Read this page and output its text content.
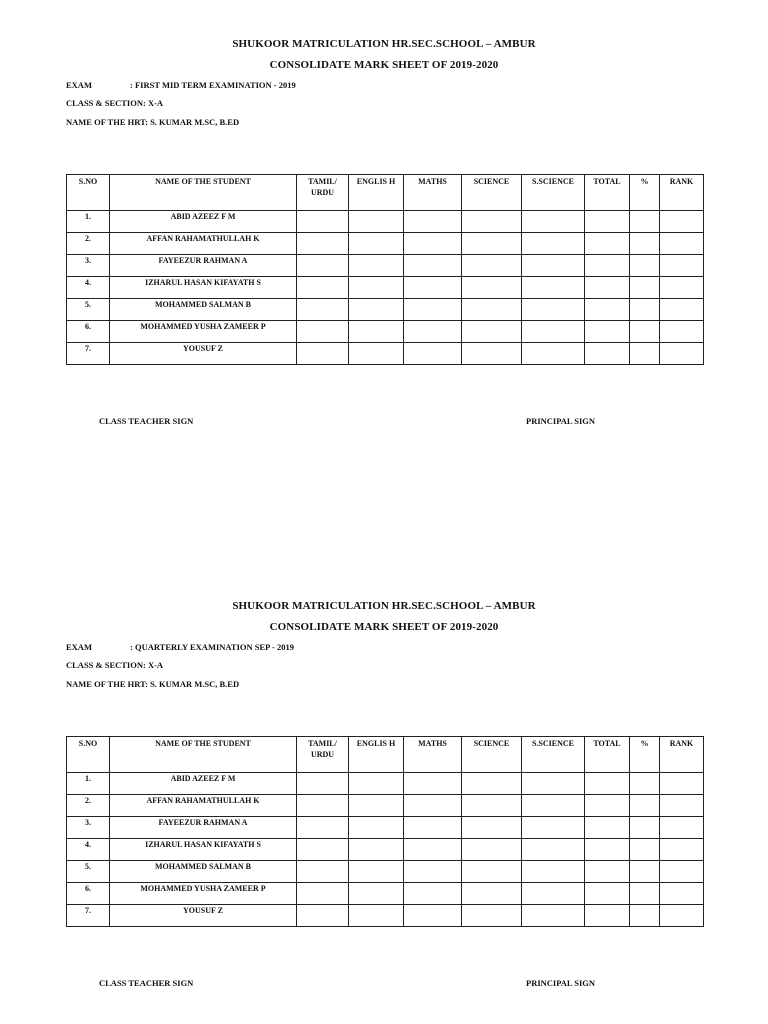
SHUKOOR MATRICULATION HR.SEC.SCHOOL – AMBUR
CONSOLIDATE MARK SHEET OF 2019-2020
EXAM	: FIRST MID TERM EXAMINATION - 2019
CLASS & SECTION: X-A
NAME OF THE HRT: S. KUMAR M.SC, B.ED
S.NO	NAME OF THE STUDENT	TAMIL/ URDU	ENGLIS H	MATHS	SCIENCE	S.SCIENCE	TOTAL	%	RANK
1.	ABID AZEEZ F M								
2.	AFFAN RAHAMATHULLAH K								
3.	FAYEEZUR RAHMAN A								
4.	IZHARUL HASAN KIFAYATH S								
5.	MOHAMMED SALMAN B								
6.	MOHAMMED YUSHA ZAMEER P								
7.	YOUSUF Z								
CLASS TEACHER SIGN	PRINCIPAL SIGN
SHUKOOR MATRICULATION HR.SEC.SCHOOL – AMBUR
CONSOLIDATE MARK SHEET OF 2019-2020
EXAM	: QUARTERLY EXAMINATION SEP - 2019
CLASS & SECTION: X-A
NAME OF THE HRT: S. KUMAR M.SC, B.ED
S.NO	NAME OF THE STUDENT	TAMIL/ URDU	ENGLIS H	MATHS	SCIENCE	S.SCIENCE	TOTAL	%	RANK
1.	ABID AZEEZ F M								
2.	AFFAN RAHAMATHULLAH K								
3.	FAYEEZUR RAHMAN A								
4.	IZHARUL HASAN KIFAYATH S								
5.	MOHAMMED SALMAN B								
6.	MOHAMMED YUSHA ZAMEER P								
7.	YOUSUF Z								
CLASS TEACHER SIGN	PRINCIPAL SIGN
